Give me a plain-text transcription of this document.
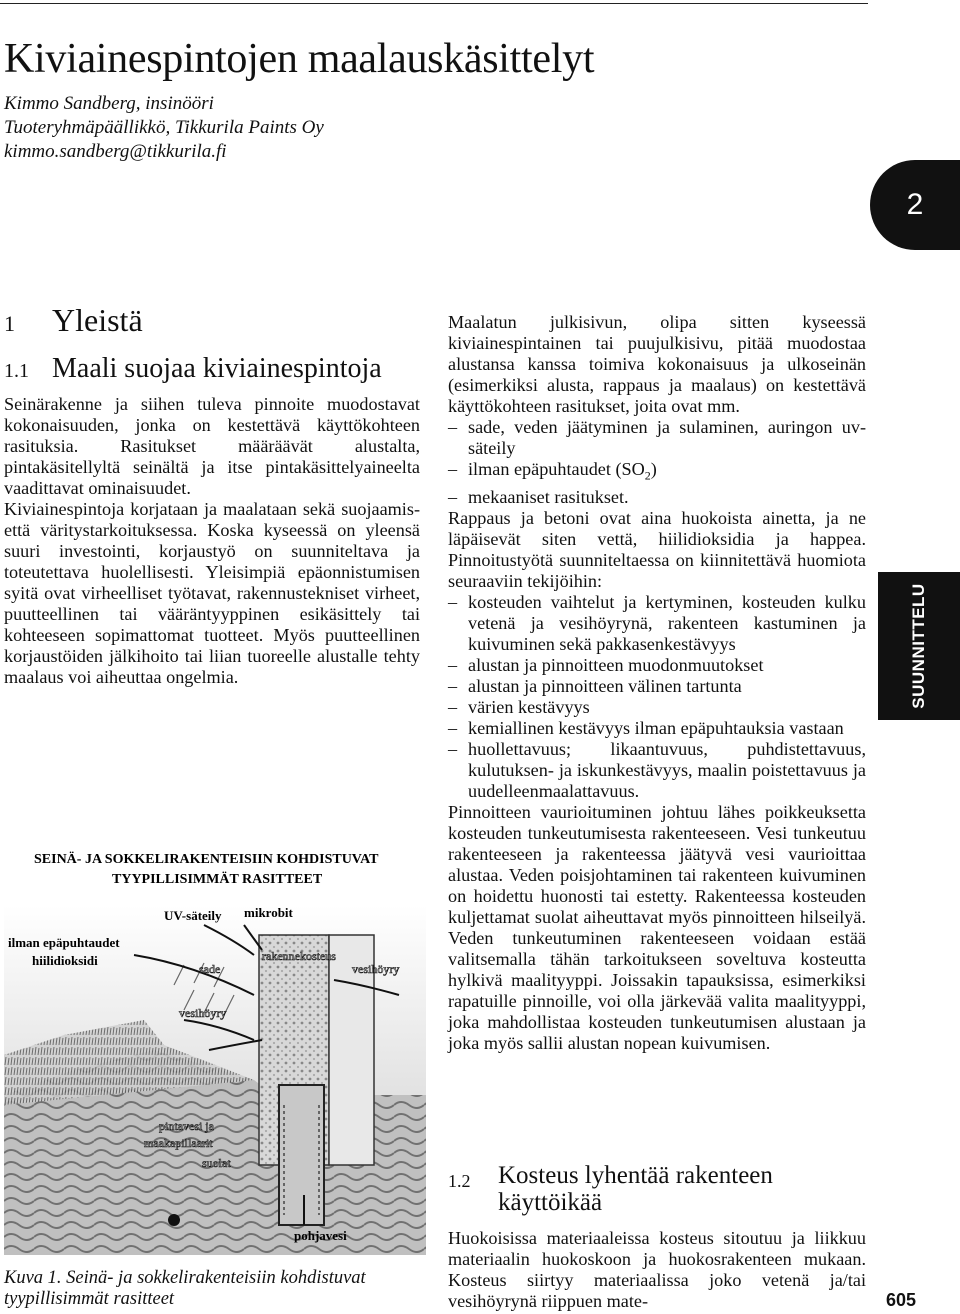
Kiviainespintojen maalauskäsittelyt
Kimmo Sandberg, insinööri
Tuoteryhmäpäällikkö, Tikkurila Paints Oy
kimmo.sandberg@tikkurila.fi
2
SUUNNITTELU
1 Yleistä
1.1 Maali suojaa kiviainespintoja

Seinärakenne ja siihen tuleva pinnoite muodostavat kokonaisuuden, jonka on kestettävä käyttökohteen rasituksia. Rasitukset määräävät alustalta, pintakäsitellyltä seinältä ja itse pintakäsittelyaineelta vaadittavat ominaisuudet.

Kiviainespintoja korjataan ja maalataan sekä suojaamis- että väritystarkoituksessa. Koska kyseessä on yleensä suuri investointi, korjaustyö on suunniteltava ja toteutettava huolellisesti. Yleisimpiä epäonnistumisen syitä ovat virheelliset työtavat, rakennustekniset virheet, puutteellinen tai vääräntyyppinen esikäsittely tai kohteeseen sopimattomat tuotteet. Myös puutteellinen korjaustöiden jälkihoito tai liian tuoreelle alustalle tehty maalaus voi aiheuttaa ongelmia.

SEINÄ- JA SOKKELIRAKENTEISIIN KOHDISTUVAT
TYYPILLISIMMÄT RASITTEET
UV-säteily mikrobit
ilman epäpuhtaudet
hiilidioksidi
sade
rakennekosteus
vesihöyry
vesihöyry
pintavesi ja
maakapillaarit
suolat
pohjavesi
Kuva 1. Seinä- ja sokkelirakenteisiin kohdistuvat tyypillisimmät rasitteet

Maalatun julkisivun, olipa sitten kyseessä kiviainespintainen tai puujulkisivu, pitää muodostaa alustansa kanssa toimiva kokonaisuus ja ulkoseinän (esimerkiksi alusta, rappaus ja maalaus) on kestettävä käyttökohteen rasitukset, joita ovat mm.

– sade, veden jäätyminen ja sulaminen, auringon uv-säteily
– ilman epäpuhtaudet $(SO_2)$
– mekaaniset rasitukset.

Rappaus ja betoni ovat aina huokoista ainetta, ja ne läpäisevät siten vettä, hiilidioksidia ja happea. Pinnoitustyötä suunniteltaessa on kiinnitettävä huomiota seuraaviin tekijöihin:

– kosteuden vaihtelut ja kertyminen, kosteuden kulku vetenä ja vesihöyrynä, rakenteen kastuminen ja kuivuminen sekä pakkasenkestävyys
– alustan ja pinnoitteen muodonmuutokset
– alustan ja pinnoitteen välinen tartunta
– värien kestävyys
– kemiallinen kestävyys ilman epäpuhtauksia vastaan
– huollettavuus; likaantuvuus, puhdistettavuus, kulutuksen- ja iskunkestävyys, maalin poistettavuus ja uudelleenmaalattavuus.

Pinnoitteen vaurioituminen johtuu lähes poikkeuksetta kosteuden tunkeutumisesta rakenteeseen. Vesi tunkeutuu rakenteeseen ja rakenteessa jäätyvä vesi vaurioittaa alustaa. Veden poisjohtaminen tai rakenteen kuivuminen on hoidettu huonosti tai estetty. Rakenteessa kosteuden kuljettamat suolat aiheuttavat myös pinnoitteen hilseilyä. Veden tunkeutuminen rakenteeseen voidaan estää valitsemalla tähän tarkoitukseen soveltuva kosteutta hylkivä maalityyppi. Joissakin tapauksissa, esimerkiksi rapatuille pinnoille, voi olla järkevää valita maalityyppi, joka mahdollistaa kosteuden tunkeutumisen alustaan ja joka myös sallii alustan nopean kuivumisen.

1.2 Kosteus lyhentää rakenteen käyttöikää

Huokoisissa materiaaleissa kosteus sitoutuu ja liikkuu materiaalin huokoskoon ja huokosrakenteen mukaan. Kosteus siirtyy materiaalissa joko vetenä ja/tai vesihöyrynä riippuen mate-	605
